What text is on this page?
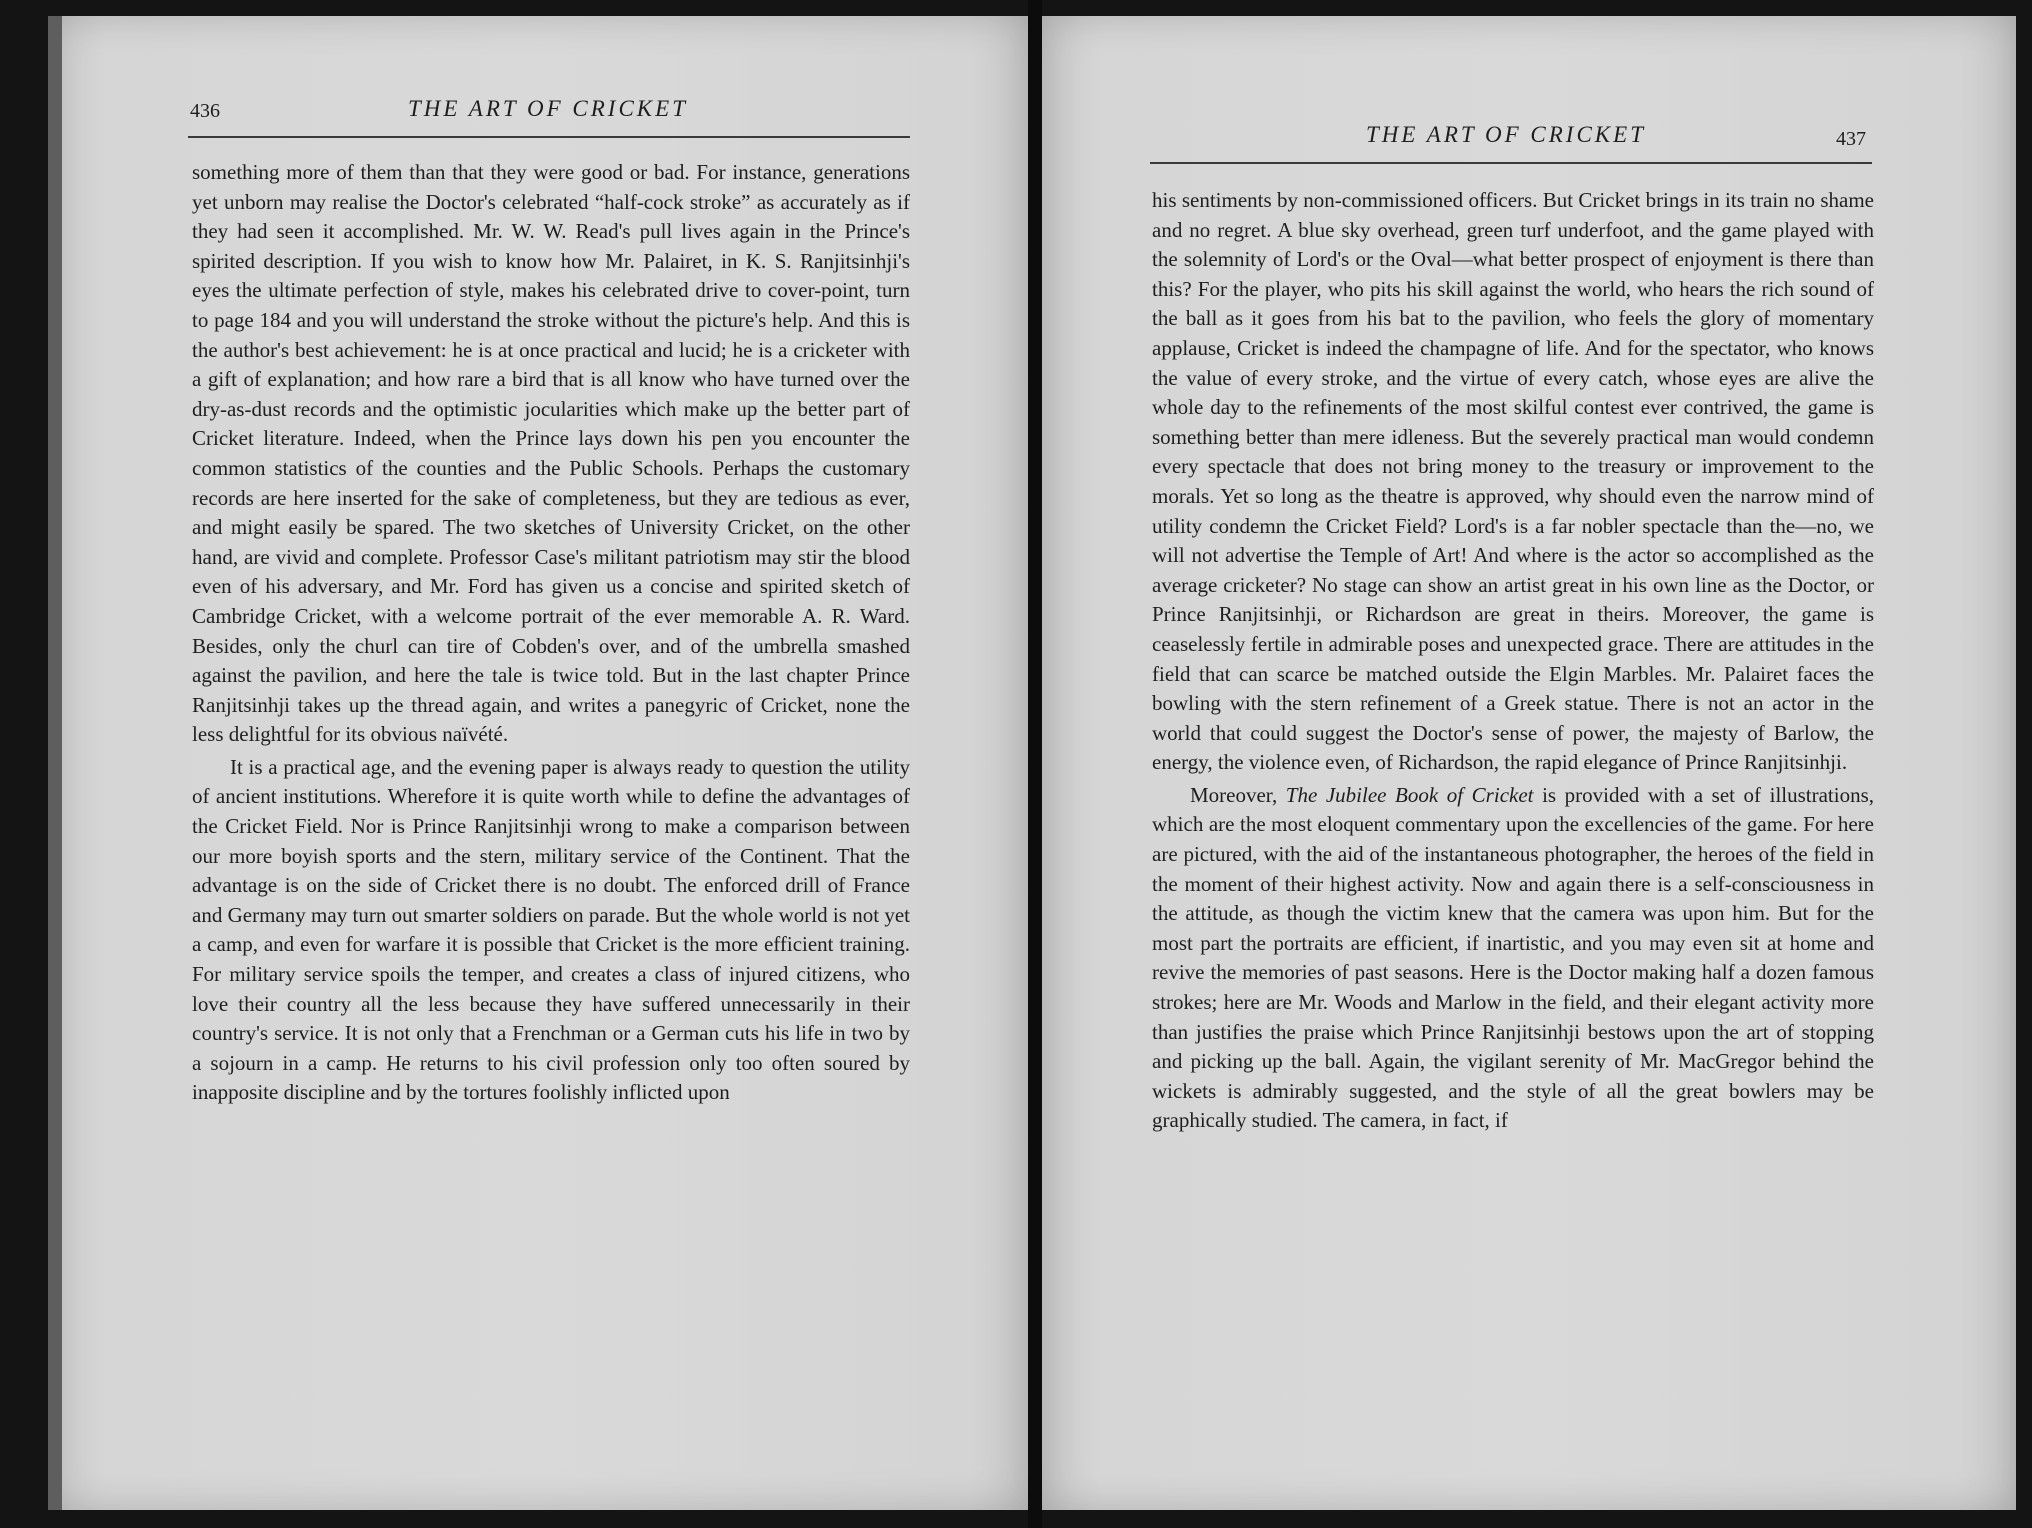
436	THE ART OF CRICKET

something more of them than that they were good or bad. For instance, generations yet unborn may realise the Doctor's celebrated “half-cock stroke” as accurately as if they had seen it accomplished. Mr. W. W. Read's pull lives again in the Prince's spirited description. If you wish to know how Mr. Palairet, in K. S. Ranjitsinhji's eyes the ultimate perfection of style, makes his celebrated drive to cover-point, turn to page 184 and you will understand the stroke without the picture's help. And this is the author's best achievement: he is at once practical and lucid; he is a cricketer with a gift of explanation; and how rare a bird that is all know who have turned over the dry-as-dust records and the optimistic jocularities which make up the better part of Cricket literature. Indeed, when the Prince lays down his pen you encounter the common statistics of the counties and the Public Schools. Perhaps the customary records are here inserted for the sake of completeness, but they are tedious as ever, and might easily be spared. The two sketches of University Cricket, on the other hand, are vivid and complete. Professor Case's militant patriotism may stir the blood even of his adversary, and Mr. Ford has given us a concise and spirited sketch of Cambridge Cricket, with a welcome portrait of the ever memorable A. R. Ward. Besides, only the churl can tire of Cobden's over, and of the umbrella smashed against the pavilion, and here the tale is twice told. But in the last chapter Prince Ranjitsinhji takes up the thread again, and writes a panegyric of Cricket, none the less delightful for its obvious naïvété.

It is a practical age, and the evening paper is always ready to question the utility of ancient institutions. Wherefore it is quite worth while to define the advantages of the Cricket Field. Nor is Prince Ranjitsinhji wrong to make a comparison between our more boyish sports and the stern, military service of the Continent. That the advantage is on the side of Cricket there is no doubt. The enforced drill of France and Germany may turn out smarter soldiers on parade. But the whole world is not yet a camp, and even for warfare it is possible that Cricket is the more efficient training. For military service spoils the temper, and creates a class of injured citizens, who love their country all the less because they have suffered unnecessarily in their country's service. It is not only that a Frenchman or a German cuts his life in two by a sojourn in a camp. He returns to his civil profession only too often soured by inapposite discipline and by the tortures foolishly inflicted upon

THE ART OF CRICKET	437

his sentiments by non-commissioned officers. But Cricket brings in its train no shame and no regret. A blue sky overhead, green turf underfoot, and the game played with the solemnity of Lord's or the Oval—what better prospect of enjoyment is there than this? For the player, who pits his skill against the world, who hears the rich sound of the ball as it goes from his bat to the pavilion, who feels the glory of momentary applause, Cricket is indeed the champagne of life. And for the spectator, who knows the value of every stroke, and the virtue of every catch, whose eyes are alive the whole day to the refinements of the most skilful contest ever contrived, the game is something better than mere idleness. But the severely practical man would condemn every spectacle that does not bring money to the treasury or improvement to the morals. Yet so long as the theatre is approved, why should even the narrow mind of utility condemn the Cricket Field? Lord's is a far nobler spectacle than the—no, we will not advertise the Temple of Art! And where is the actor so accomplished as the average cricketer? No stage can show an artist great in his own line as the Doctor, or Prince Ranjitsinhji, or Richardson are great in theirs. Moreover, the game is ceaselessly fertile in admirable poses and unexpected grace. There are attitudes in the field that can scarce be matched outside the Elgin Marbles. Mr. Palairet faces the bowling with the stern refinement of a Greek statue. There is not an actor in the world that could suggest the Doctor's sense of power, the majesty of Barlow, the energy, the violence even, of Richardson, the rapid elegance of Prince Ranjitsinhji.

Moreover, The Jubilee Book of Cricket is provided with a set of illustrations, which are the most eloquent commentary upon the excellencies of the game. For here are pictured, with the aid of the instantaneous photographer, the heroes of the field in the moment of their highest activity. Now and again there is a self-consciousness in the attitude, as though the victim knew that the camera was upon him. But for the most part the portraits are efficient, if inartistic, and you may even sit at home and revive the memories of past seasons. Here is the Doctor making half a dozen famous strokes; here are Mr. Woods and Marlow in the field, and their elegant activity more than justifies the praise which Prince Ranjitsinhji bestows upon the art of stopping and picking up the ball. Again, the vigilant serenity of Mr. MacGregor behind the wickets is admirably suggested, and the style of all the great bowlers may be graphically studied. The camera, in fact, if
